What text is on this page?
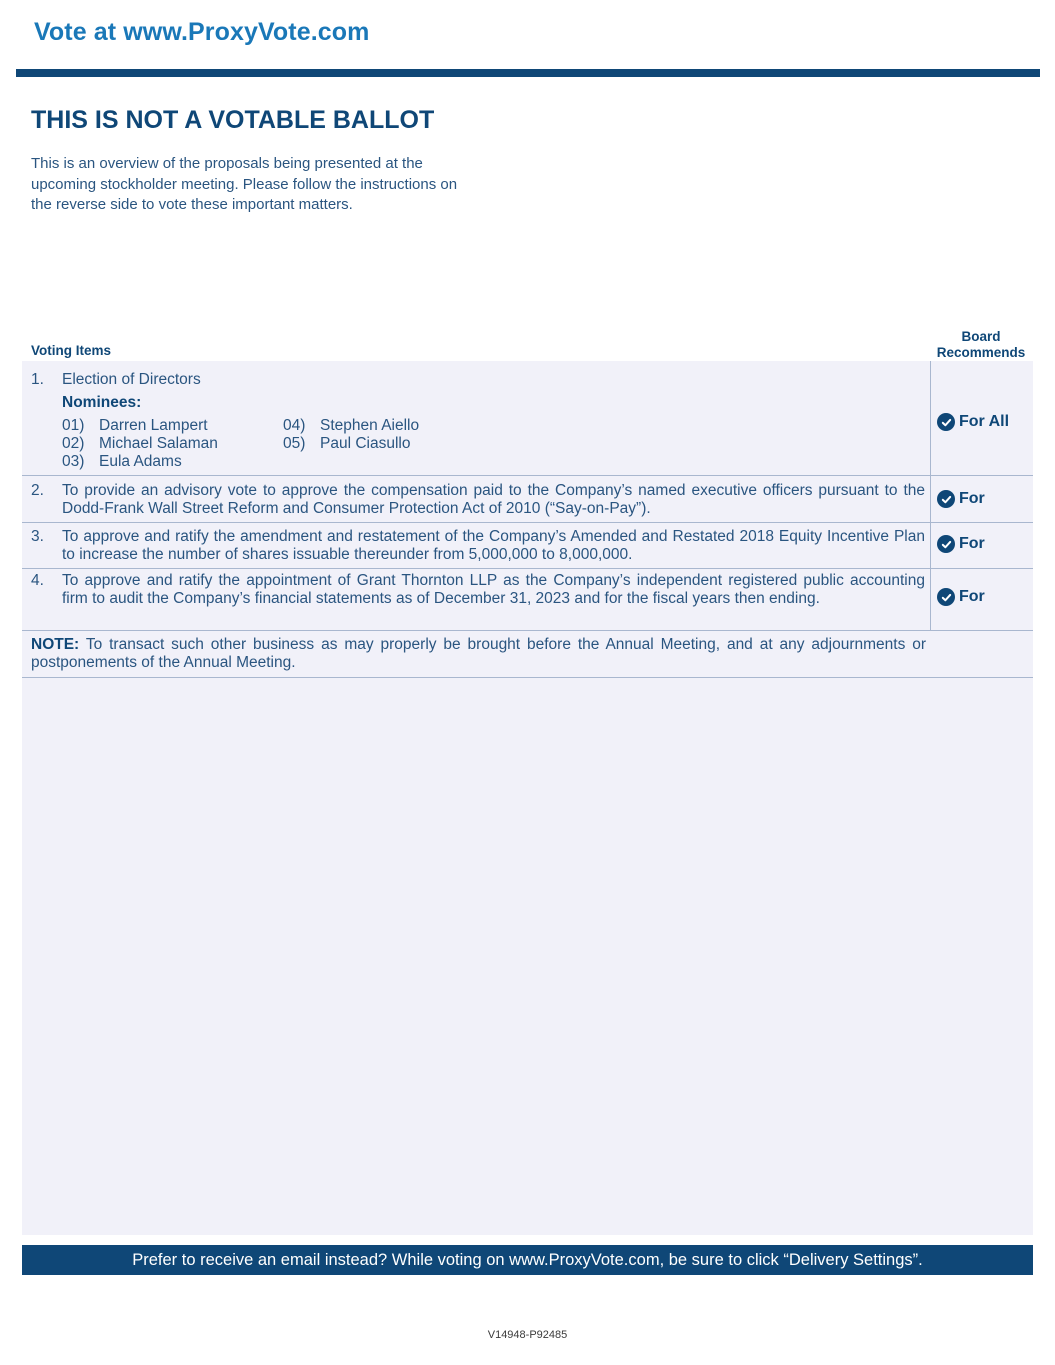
Vote at www.ProxyVote.com
THIS IS NOT A VOTABLE BALLOT
This is an overview of the proposals being presented at the
upcoming stockholder meeting. Please follow the instructions on
the reverse side to vote these important matters.
Voting Items
Board
Recommends
1. Election of Directors
Nominees:
01) Darren Lampert
02) Michael Salaman
03) Eula Adams
04) Stephen Aiello
05) Paul Ciasullo
For All
2. To provide an advisory vote to approve the compensation paid to the Company’s named executive officers pursuant to the Dodd-Frank Wall Street Reform and Consumer Protection Act of 2010 (“Say-on-Pay”).
For
3. To approve and ratify the amendment and restatement of the Company’s Amended and Restated 2018 Equity Incentive Plan to increase the number of shares issuable thereunder from 5,000,000 to 8,000,000.
For
4. To approve and ratify the appointment of Grant Thornton LLP as the Company’s independent registered public accounting firm to audit the Company’s financial statements as of December 31, 2023 and for the fiscal years then ending.	For
NOTE: To transact such other business as may properly be brought before the Annual Meeting, and at any adjournments or postponements of the Annual Meeting.
Prefer to receive an email instead? While voting on www.ProxyVote.com, be sure to click “Delivery Settings”.
V14948-P92485
